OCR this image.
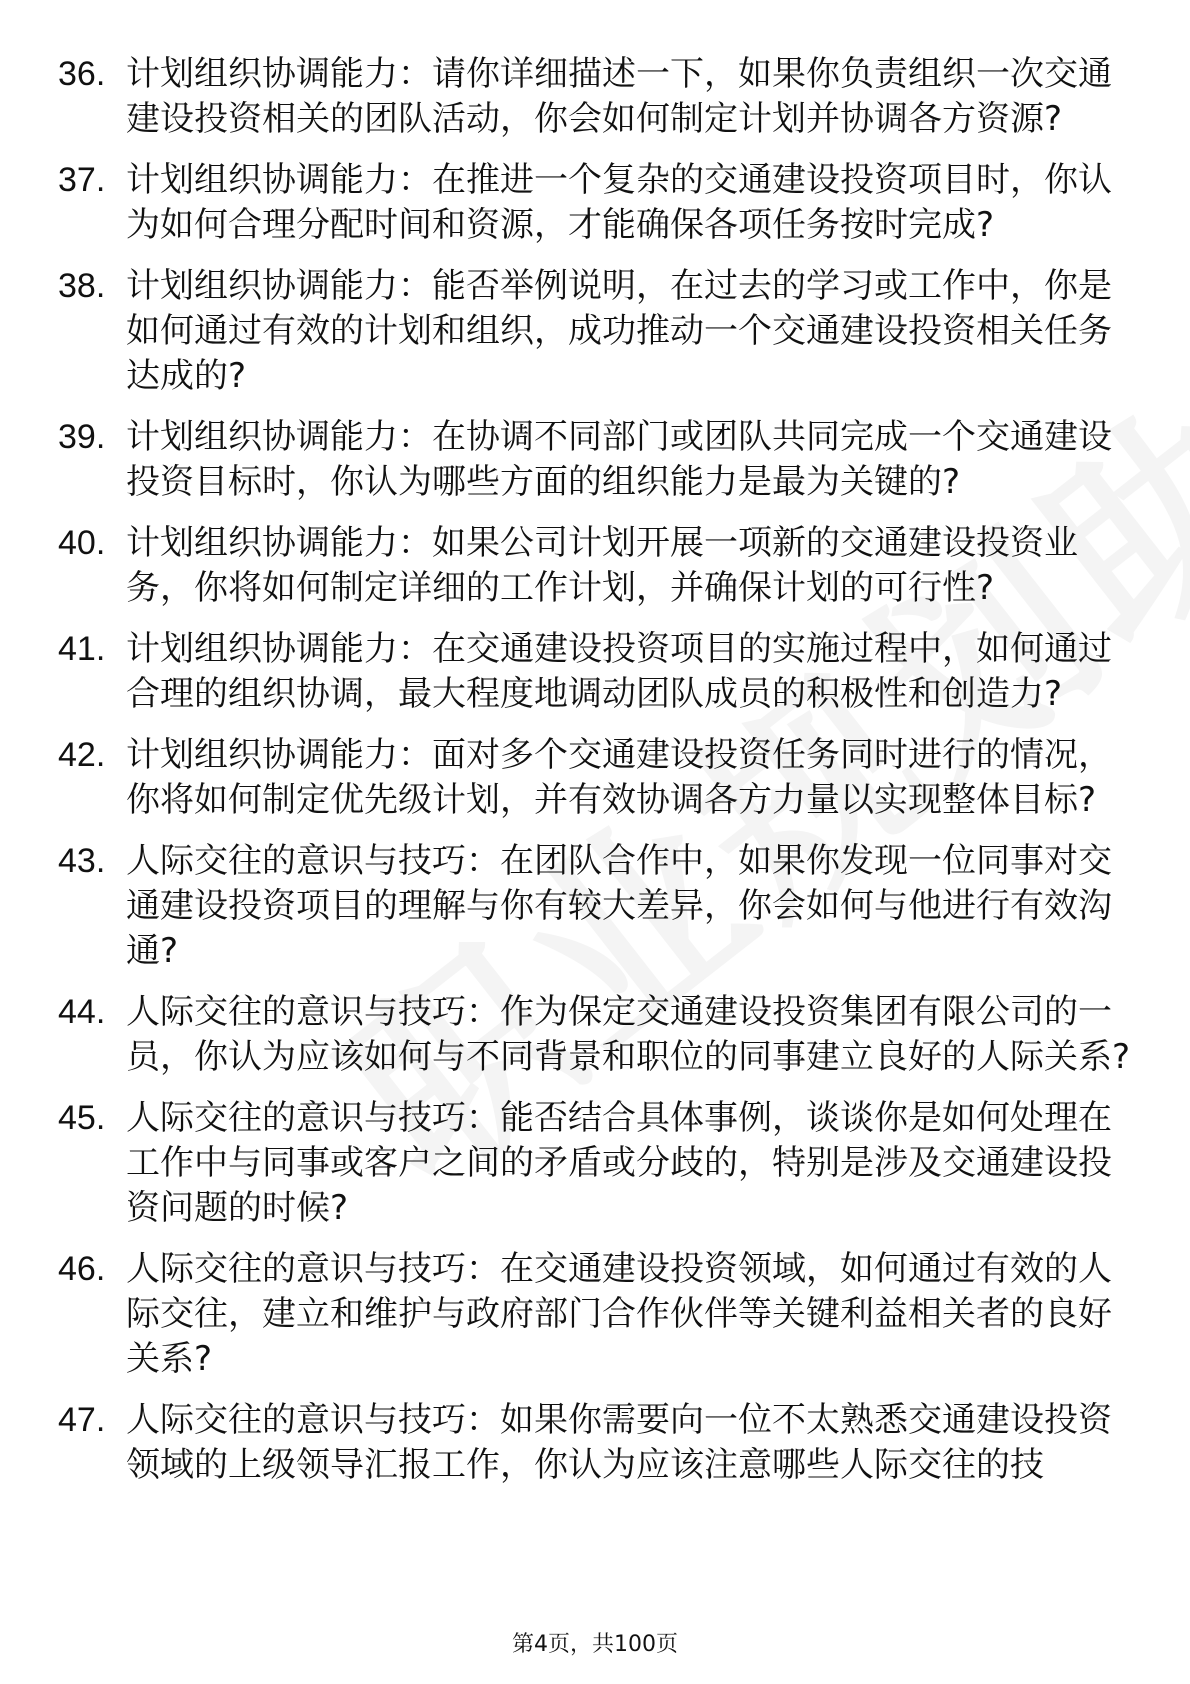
36. 计划组织协调能力：请你详细描述一下，如果你负责组织一次交通建设投资相关的团队活动，你会如何制定计划并协调各方资源?
37. 计划组织协调能力：在推进一个复杂的交通建设投资项目时，你认为如何合理分配时间和资源，才能确保各项任务按时完成?
38. 计划组织协调能力：能否举例说明，在过去的学习或工作中，你是如何通过有效的计划和组织，成功推动一个交通建设投资相关任务达成的?
39. 计划组织协调能力：在协调不同部门或团队共同完成一个交通建设投资目标时，你认为哪些方面的组织能力是最为关键的?
40. 计划组织协调能力：如果公司计划开展一项新的交通建设投资业务，你将如何制定详细的工作计划，并确保计划的可行性?
41. 计划组织协调能力：在交通建设投资项目的实施过程中，如何通过合理的组织协调，最大程度地调动团队成员的积极性和创造力?
42. 计划组织协调能力：面对多个交通建设投资任务同时进行的情况，你将如何制定优先级计划，并有效协调各方力量以实现整体目标?
43. 人际交往的意识与技巧：在团队合作中，如果你发现一位同事对交通建设投资项目的理解与你有较大差异，你会如何与他进行有效沟通?
44. 人际交往的意识与技巧：作为保定交通建设投资集团有限公司的一员，你认为应该如何与不同背景和职位的同事建立良好的人际关系?
45. 人际交往的意识与技巧：能否结合具体事例，谈谈你是如何处理在工作中与同事或客户之间的矛盾或分歧的，特别是涉及交通建设投资问题的时候?
46. 人际交往的意识与技巧：在交通建设投资领域，如何通过有效的人际交往，建立和维护与政府部门合作伙伴等关键利益相关者的良好关系?
47. 人际交往的意识与技巧：如果你需要向一位不太熟悉交通建设投资领域的上级领导汇报工作，你认为应该注意哪些人际交往的技
第4页，共100页
